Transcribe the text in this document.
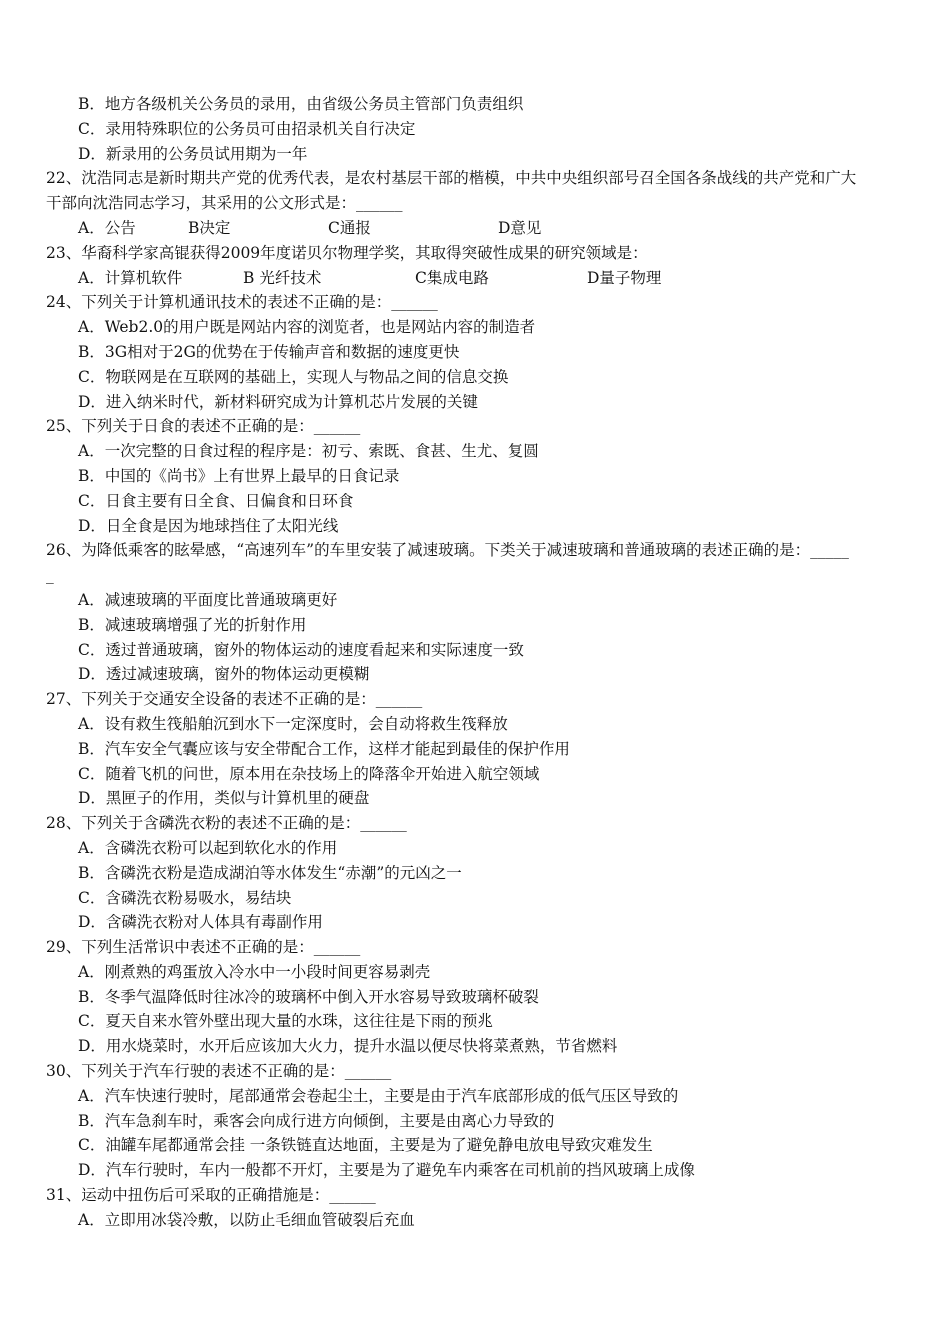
B．地方各级机关公务员的录用，由省级公务员主管部门负责组织
C．录用特殊职位的公务员可由招录机关自行决定
D．新录用的公务员试用期为一年
22、沈浩同志是新时期共产党的优秀代表，是农村基层干部的楷模，中共中央组织部号召全国各条战线的共产党和广大
干部向沈浩同志学习，其采用的公文形式是：______
A．公告	B决定	C通报	D意见
23、华裔科学家高锟获得2009年度诺贝尔物理学奖，其取得突破性成果的研究领域是：
A．计算机软件	B 光纤技术	C集成电路	D量子物理
24、下列关于计算机通讯技术的表述不正确的是：______
A．Web2.0的用户既是网站内容的浏览者，也是网站内容的制造者
B．3G相对于2G的优势在于传输声音和数据的速度更快
C．物联网是在互联网的基础上，实现人与物品之间的信息交换
D．进入纳米时代，新材料研究成为计算机芯片发展的关键
25、下列关于日食的表述不正确的是：______
A．一次完整的日食过程的程序是：初亏、索既、食甚、生尤、复圆
B．中国的《尚书》上有世界上最早的日食记录
C．日食主要有日全食、日偏食和日环食
D．日全食是因为地球挡住了太阳光线
26、为降低乘客的眩晕感，“高速列车”的车里安装了减速玻璃。下类关于减速玻璃和普通玻璃的表述正确的是：_____
_
A．减速玻璃的平面度比普通玻璃更好
B．减速玻璃增强了光的折射作用
C．透过普通玻璃，窗外的物体运动的速度看起来和实际速度一致
D．透过减速玻璃，窗外的物体运动更模糊
27、下列关于交通安全设备的表述不正确的是：______
A．设有救生筏船舶沉到水下一定深度时，会自动将救生筏释放
B．汽车安全气囊应该与安全带配合工作，这样才能起到最佳的保护作用
C．随着飞机的问世，原本用在杂技场上的降落伞开始进入航空领域
D．黑匣子的作用，类似与计算机里的硬盘
28、下列关于含磷洗衣粉的表述不正确的是：______
A．含磷洗衣粉可以起到软化水的作用
B．含磷洗衣粉是造成湖泊等水体发生“赤潮”的元凶之一
C．含磷洗衣粉易吸水，易结块
D．含磷洗衣粉对人体具有毒副作用
29、下列生活常识中表述不正确的是：______
A．刚煮熟的鸡蛋放入冷水中一小段时间更容易剥壳
B．冬季气温降低时往冰冷的玻璃杯中倒入开水容易导致玻璃杯破裂
C．夏天自来水管外壁出现大量的水珠，这往往是下雨的预兆
D．用水烧菜时，水开后应该加大火力，提升水温以便尽快将菜煮熟，节省燃料
30、下列关于汽车行驶的表述不正确的是：______
A．汽车快速行驶时，尾部通常会卷起尘土，主要是由于汽车底部形成的低气压区导致的
B．汽车急刹车时，乘客会向成行进方向倾倒，主要是由离心力导致的
C．油罐车尾都通常会挂 一条铁链直达地面，主要是为了避免静电放电导致灾难发生
D．汽车行驶时，车内一般都不开灯，主要是为了避免车内乘客在司机前的挡风玻璃上成像
31、运动中扭伤后可采取的正确措施是：______
A．立即用冰袋冷敷，以防止毛细血管破裂后充血
